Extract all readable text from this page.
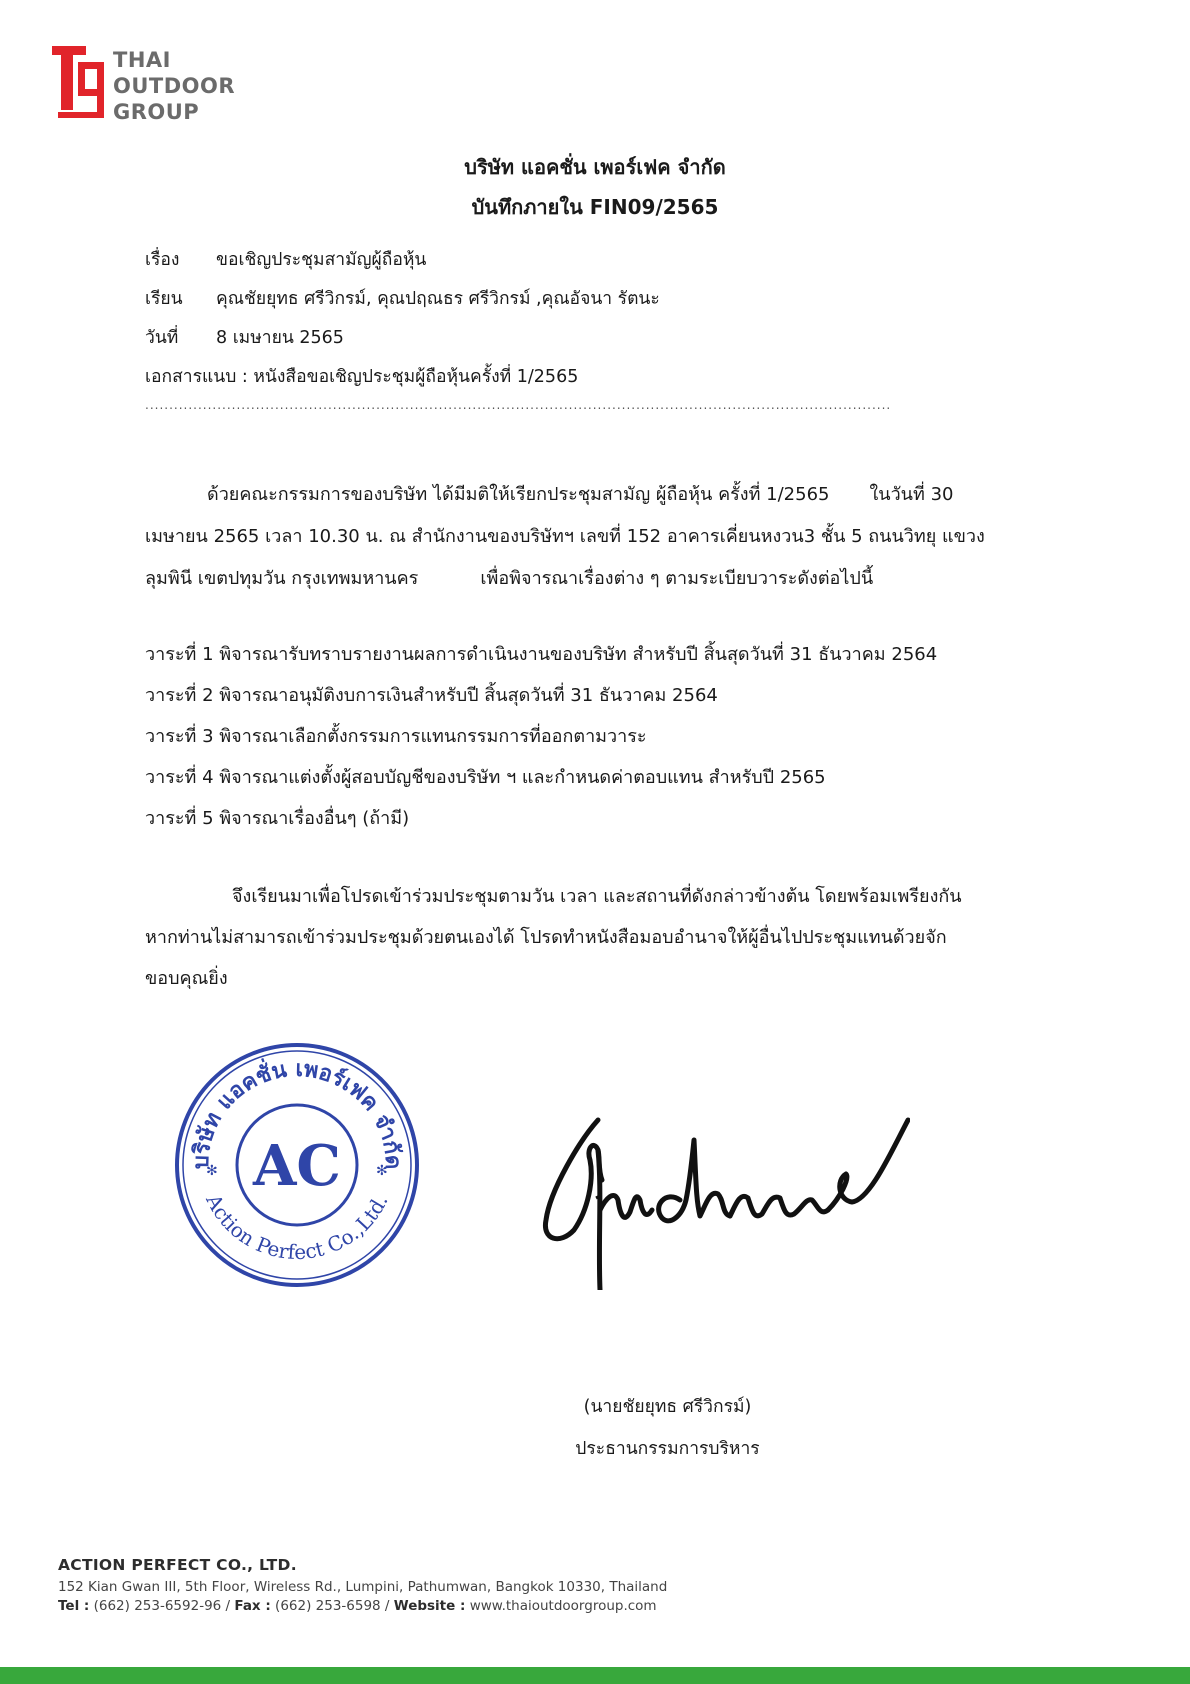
THAI
OUTDOOR
GROUP
บริษัท แอคชั่น เพอร์เฟค จำกัด
บันทึกภายใน FIN09/2565
เรื่อง ขอเชิญประชุมสามัญผู้ถือหุ้น
เรียน คุณชัยยุทธ ศรีวิกรม์, คุณปฤณธร ศรีวิกรม์ ,คุณอัจนา รัตนะ
วันที่ 8 เมษายน 2565
เอกสารแนบ : หนังสือขอเชิญประชุมผู้ถือหุ้นครั้งที่ 1/2565
...........................................................................................................................................................
ด้วยคณะกรรมการของบริษัท ได้มีมติให้เรียกประชุมสามัญ ผู้ถือหุ้น ครั้งที่ 1/2565 ในวันที่ 30
เมษายน 2565 เวลา 10.30 น. ณ สำนักงานของบริษัทฯ เลขที่ 152 อาคารเคี่ยนหงวน3 ชั้น 5 ถนนวิทยุ แขวง
ลุมพินี เขตปทุมวัน กรุงเทพมหานคร	เพื่อพิจารณาเรื่องต่าง ๆ ตามระเบียบวาระดังต่อไปนี้
วาระที่ 1 พิจารณารับทราบรายงานผลการดำเนินงานของบริษัท สำหรับปี สิ้นสุดวันที่ 31 ธันวาคม 2564
วาระที่ 2 พิจารณาอนุมัติงบการเงินสำหรับปี สิ้นสุดวันที่ 31 ธันวาคม 2564
วาระที่ 3 พิจารณาเลือกตั้งกรรมการแทนกรรมการที่ออกตามวาระ
วาระที่ 4 พิจารณาแต่งตั้งผู้สอบบัญชีของบริษัท ฯ และกำหนดค่าตอบแทน สำหรับปี 2565
วาระที่ 5 พิจารณาเรื่องอื่นๆ (ถ้ามี)
จึงเรียนมาเพื่อโปรดเข้าร่วมประชุมตามวัน เวลา และสถานที่ดังกล่าวข้างต้น โดยพร้อมเพรียงกัน
หากท่านไม่สามารถเข้าร่วมประชุมด้วยตนเองได้ โปรดทำหนังสือมอบอำนาจให้ผู้อื่นไปประชุมแทนด้วยจัก
ขอบคุณยิ่ง
บริษัท แอคชั่น เพอร์เฟค จำกัด
Action Perfect Co.,Ltd.
✻	✻
AC
(นายชัยยุทธ ศรีวิกรม์)
ประธานกรรมการบริหาร
ACTION PERFECT CO., LTD.
152 Kian Gwan III, 5th Floor, Wireless Rd., Lumpini, Pathumwan, Bangkok 10330, Thailand
Tel : (662) 253-6592-96 / Fax : (662) 253-6598 / Website : www.thaioutdoorgroup.com
